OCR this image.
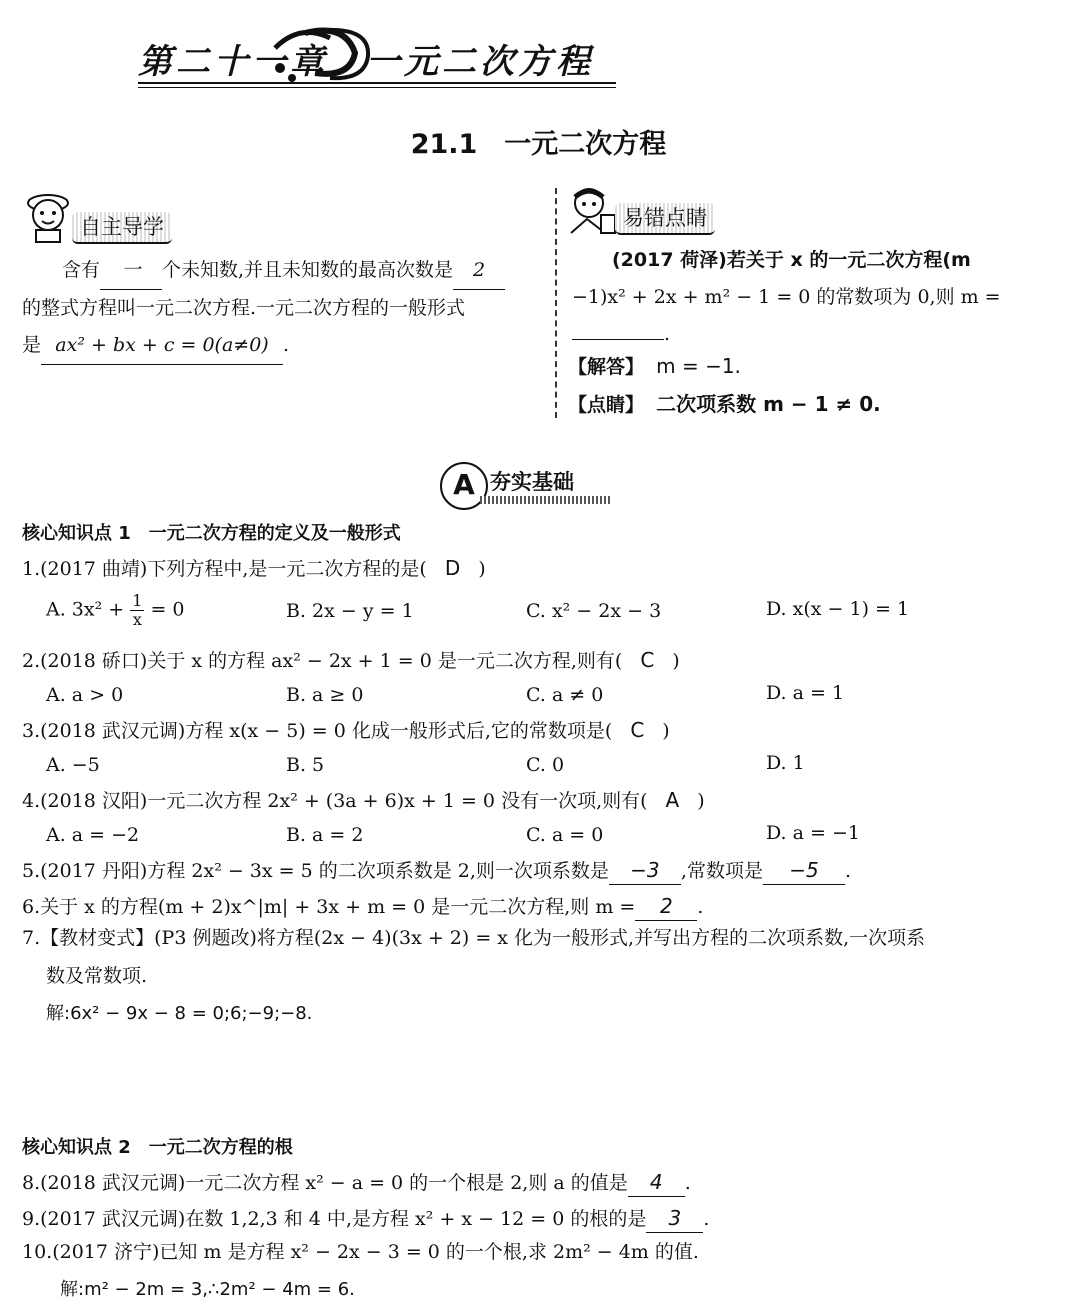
第二十一章　一元二次方程
21.1　一元二次方程
自主导学
含有 一 个未知数,并且未知数的最高次数是 2
的整式方程叫一元二次方程.一元二次方程的一般形式
是 ax² + bx + c = 0(a≠0) .
易错点睛
(2017 荷泽)若关于 x 的一元二次方程(m
−1)x² + 2x + m² − 1 = 0 的常数项为 0,则 m =
.
【解答】 m = −1.
【点睛】 二次项系数 m − 1 ≠ 0.
A 夯实基础
核心知识点 1　一元二次方程的定义及一般形式
1.(2017 曲靖)下列方程中,是一元二次方程的是( D )
A. $3x^2 + \frac{1}{x} = 0$	B. 2x − y = 1	C. x² − 2x − 3	D. x(x − 1) = 1
2.(2018 硚口)关于 x 的方程 ax² − 2x + 1 = 0 是一元二次方程,则有( C )
A. a > 0	B. a ≥ 0	C. a ≠ 0	D. a = 1
3.(2018 武汉元调)方程 x(x − 5) = 0 化成一般形式后,它的常数项是( C )
A. −5	B. 5	C. 0	D. 1
4.(2018 汉阳)一元二次方程 2x² + (3a + 6)x + 1 = 0 没有一次项,则有( A )
A. a = −2	B. a = 2	C. a = 0	D. a = −1
5.(2017 丹阳)方程 2x² − 3x = 5 的二次项系数是 2,则一次项系数是 −3 ,常数项是 −5 .
6.关于 x 的方程(m + 2)x^|m| + 3x + m = 0 是一元二次方程,则 m = 2 .
7.【教材变式】(P3 例题改)将方程(2x − 4)(3x + 2) = x 化为一般形式,并写出方程的二次项系数,一次项系
数及常数项.
解:6x² − 9x − 8 = 0;6;−9;−8.
核心知识点 2　一元二次方程的根
8.(2018 武汉元调)一元二次方程 x² − a = 0 的一个根是 2,则 a 的值是 4 .
9.(2017 武汉元调)在数 1,2,3 和 4 中,是方程 x² + x − 12 = 0 的根的是 3 .
10.(2017 济宁)已知 m 是方程 x² − 2x − 3 = 0 的一个根,求 2m² − 4m 的值.
解:m² − 2m = 3,∴2m² − 4m = 6.
